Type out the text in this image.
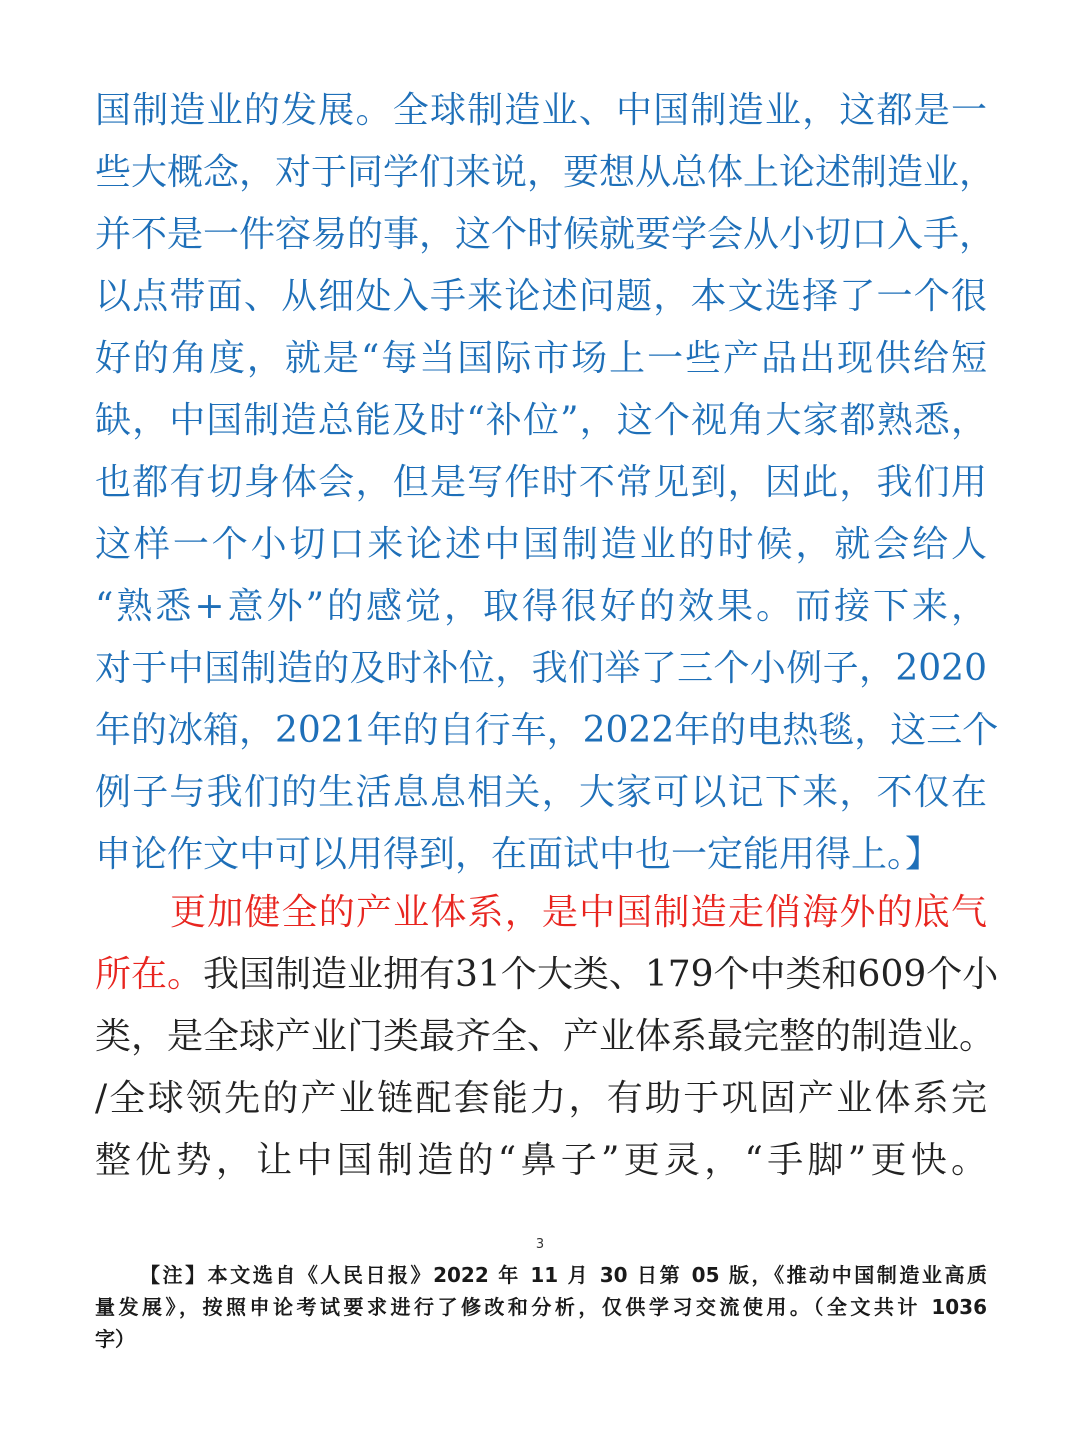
国制造业的发展。全球制造业、中国制造业，这都是一
些大概念，对于同学们来说，要想从总体上论述制造业，
并不是一件容易的事，这个时候就要学会从小切口入手，
以点带面、从细处入手来论述问题，本文选择了一个很
好的角度，就是“每当国际市场上一些产品出现供给短
缺，中国制造总能及时“补位”，这个视角大家都熟悉，
也都有切身体会，但是写作时不常见到，因此，我们用
这样一个小切口来论述中国制造业的时候，就会给人
“熟悉+意外”的感觉，取得很好的效果。而接下来，
对于中国制造的及时补位，我们举了三个小例子，2020
年的冰箱，2021年的自行车，2022年的电热毯，这三个
例子与我们的生活息息相关，大家可以记下来，不仅在
申论作文中可以用得到，在面试中也一定能用得上。】
更加健全的产业体系，是中国制造走俏海外的底气
所在。我国制造业拥有31个大类、179个中类和609个小
类，是全球产业门类最齐全、产业体系最完整的制造业。
/全球领先的产业链配套能力，有助于巩固产业体系完
整优势，让中国制造的“鼻子”更灵，“手脚”更快。
3
【注】本文选自《人民日报》2022 年 11 月 30 日第 05 版，《推动中国制造业高质
量发展》，按照申论考试要求进行了修改和分析，仅供学习交流使用。（全文共计 1036
字）
